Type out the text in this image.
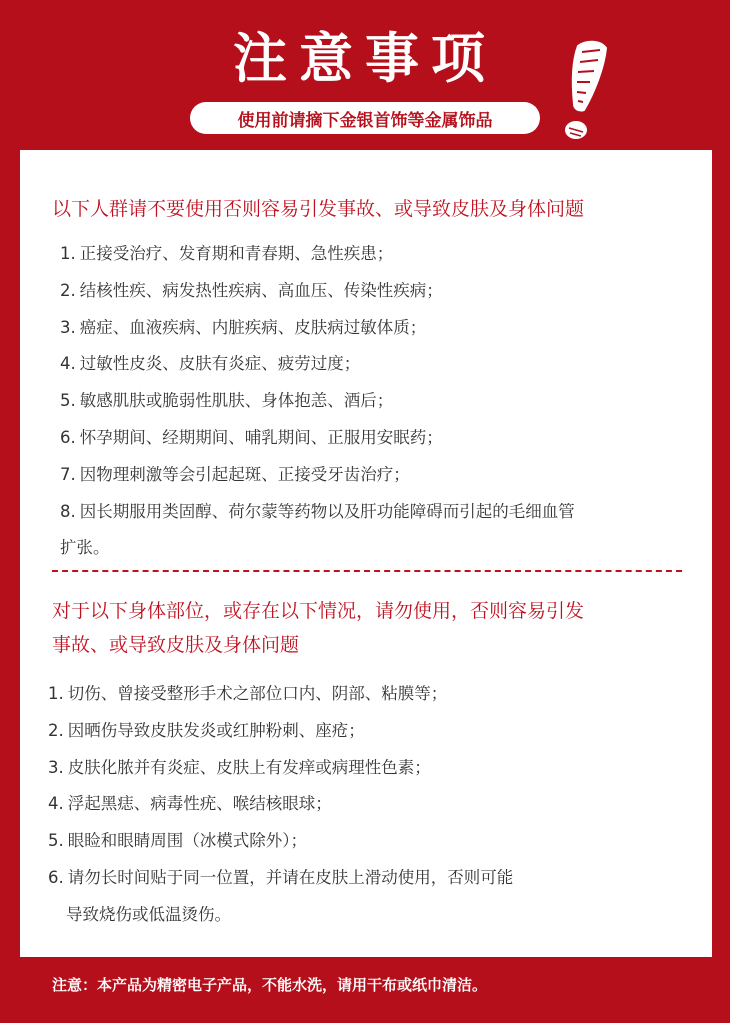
注意事项
使用前请摘下金银首饰等金属饰品
以下人群请不要使用否则容易引发事故、或导致皮肤及身体问题
1. 正接受治疗、发育期和青春期、急性疾患；
2. 结核性疾、病发热性疾病、高血压、传染性疾病；
3. 癌症、血液疾病、内脏疾病、皮肤病过敏体质；
4. 过敏性皮炎、皮肤有炎症、疲劳过度；
5. 敏感肌肤或脆弱性肌肤、身体抱恙、酒后；
6. 怀孕期间、经期期间、哺乳期间、正服用安眠药；
7. 因物理刺激等会引起起斑、正接受牙齿治疗；
8. 因长期服用类固醇、荷尔蒙等药物以及肝功能障碍而引起的毛细血管
扩张。
对于以下身体部位，或存在以下情况，请勿使用，否则容易引发
事故、或导致皮肤及身体问题
1. 切伤、曾接受整形手术之部位口内、阴部、粘膜等；
2. 因晒伤导致皮肤发炎或红肿粉刺、座疮；
3. 皮肤化脓并有炎症、皮肤上有发痒或病理性色素；
4. 浮起黑痣、病毒性疣、喉结核眼球；
5. 眼睑和眼睛周围（冰模式除外）；
6. 请勿长时间贴于同一位置，并请在皮肤上滑动使用，否则可能
导致烧伤或低温烫伤。
注意：本产品为精密电子产品，不能水洗，请用干布或纸巾清洁。
